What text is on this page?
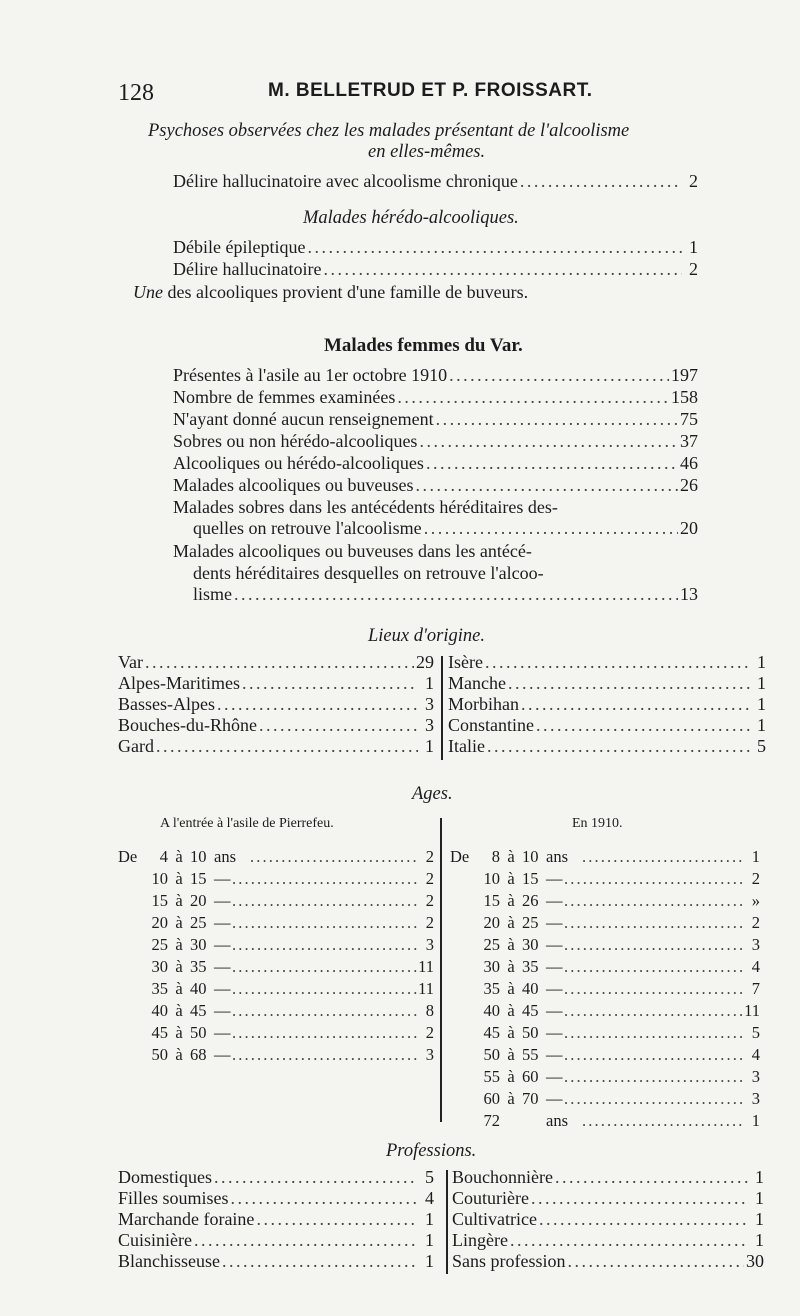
128	M. BELLETRUD ET P. FROISSART.
Psychoses observées chez les malades présentant de l'alcoolisme
en elles-mêmes.
Délire hallucinatoire avec alcoolisme chronique . . .	2
Malades hérédo-alcooliques.
Débile épileptique . . .	1
Délire hallucinatoire . . .	2
Une des alcooliques provient d'une famille de buveurs.
Malades femmes du Var.
Présentes à l'asile au 1er octobre 1910 . . .	197
Nombre de femmes examinées . . .	158
N'ayant donné aucun renseignement . . .	75
Sobres ou non hérédo-alcooliques . . .	37
Alcooliques ou hérédo-alcooliques . . .	46
Malades alcooliques ou buveuses . . .	26
Malades sobres dans les antécédents héréditaires des-
quelles on retrouve l'alcoolisme . . .	20
Malades alcooliques ou buveuses dans les antécé-
dents héréditaires desquelles on retrouve l'alcoo-
lisme . . .	13
Lieux d'origine.
Var . . .	29
Alpes-Maritimes . . .	1
Basses-Alpes . . .	3
Bouches-du-Rhône . . .	3
Gard . . .	1
Isère . . .	1
Manche . . .	1
Morbihan . . .	1
Constantine . . .	1
Italie . . .	5
Ages.
A l'entrée à l'asile de Pierrefeu.	En 1910.
De	4 à 10 ans . . .	2
10 à 15 — . . .	2
15 à 20 — . . .	2
20 à 25 — . . .	2
25 à 30 — . . .	3
30 à 35 — . . .	11
35 à 40 — . . .	11
40 à 45 — . . .	8
45 à 50 — . . .	2
50 à 68 — . . .	3
De	8 à 10 ans . . .	1
10 à 15 — . . .	2
15 à 26 — . . .	»
20 à 25 — . . .	2
25 à 30 — . . .	3
30 à 35 — . . .	4
35 à 40 — . . .	7
40 à 45 — . . .	11
45 à 50 — . . .	5
50 à 55 — . . .	4
55 à 60 — . . .	3
60 à 70 — . . .	3
72	ans . . .	1
Professions.
Domestiques . . .	5
Filles soumises . . .	4
Marchande foraine . . .	1
Cuisinière . . .	1
Blanchisseuse . . .	1
Bouchonnière . . .	1
Couturière . . .	1
Cultivatrice . . .	1
Lingère . . .	1
Sans profession . . .	30
